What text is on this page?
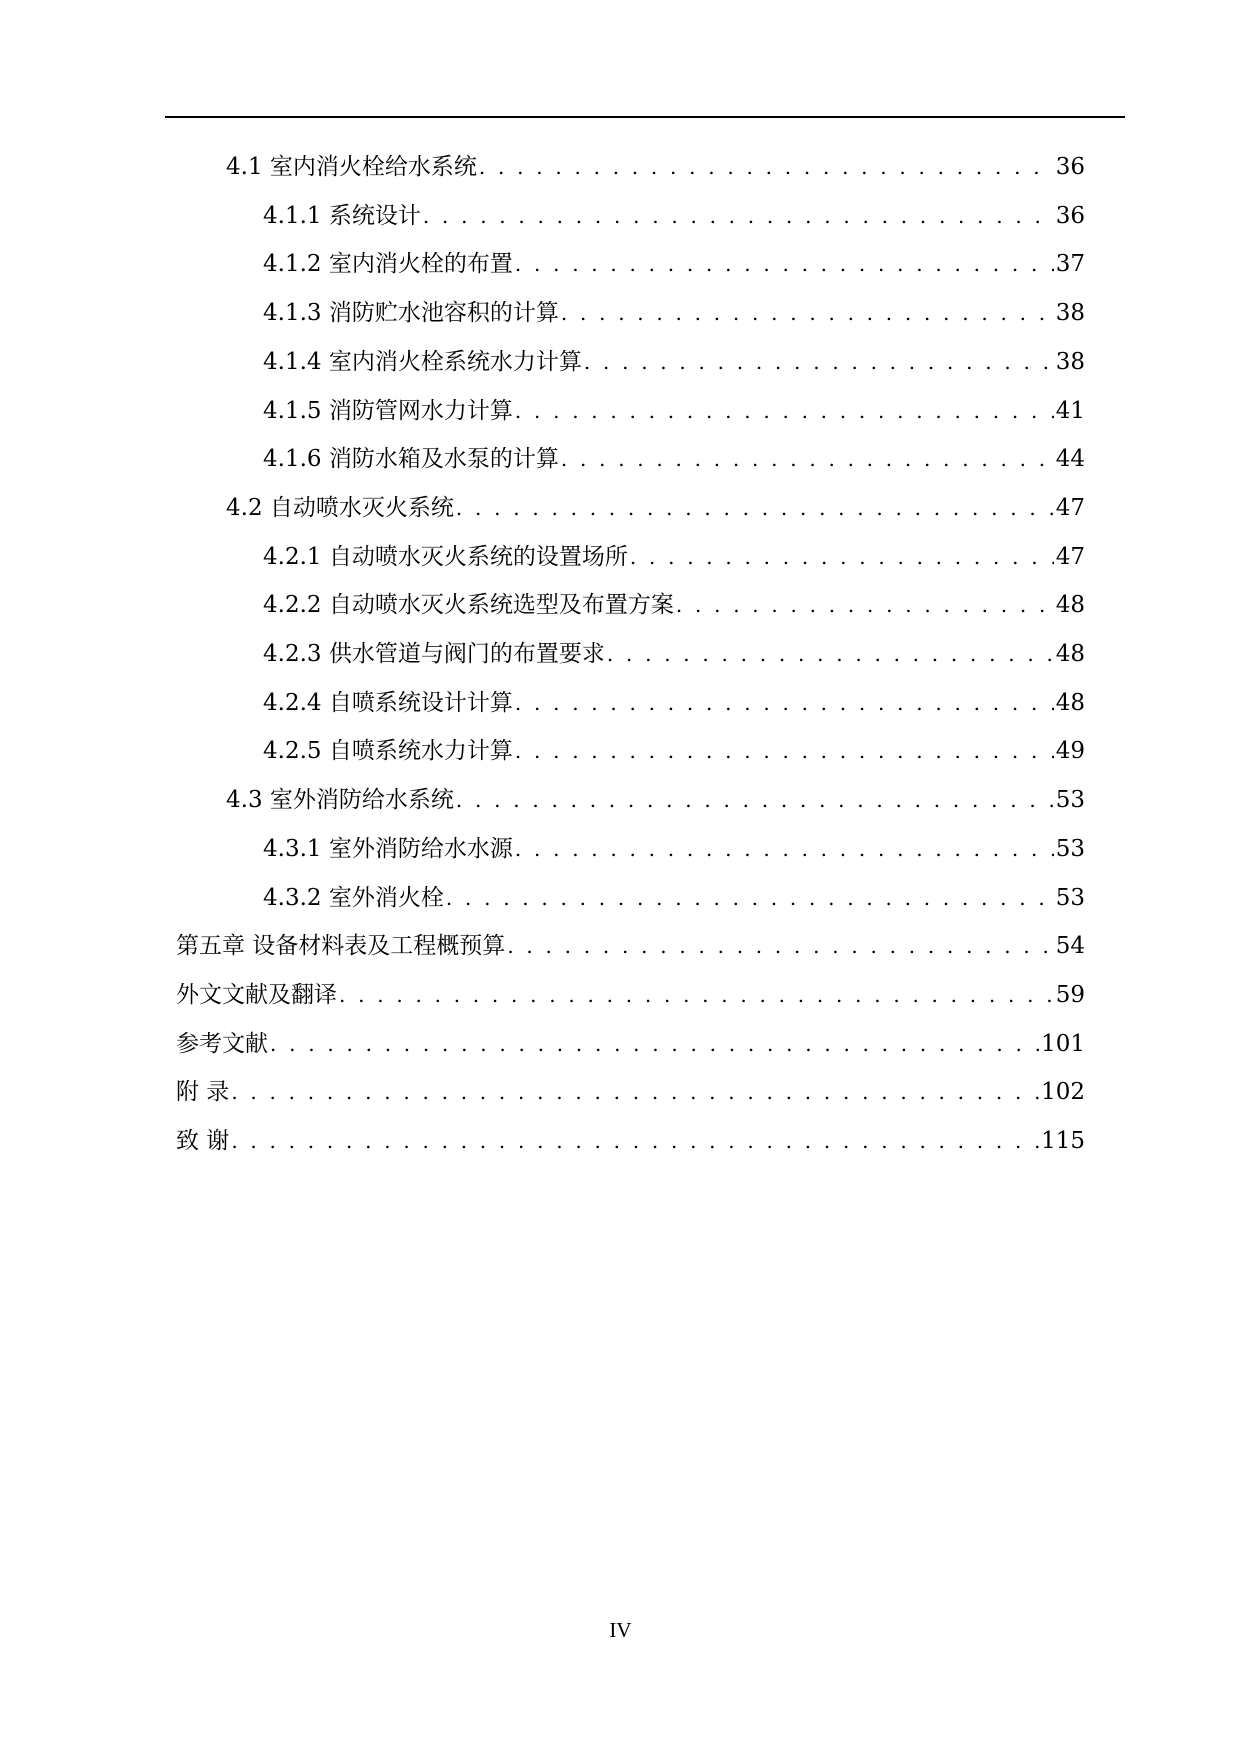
4.1 室内消火栓给水系统 . . .	36
4.1.1 系统设计 . . .	36
4.1.2 室内消火栓的布置 . . .	37
4.1.3 消防贮水池容积的计算 . . .	38
4.1.4 室内消火栓系统水力计算 . . .	38
4.1.5 消防管网水力计算 . . .	41
4.1.6 消防水箱及水泵的计算 . . .	44
4.2 自动喷水灭火系统 . . .	47
4.2.1 自动喷水灭火系统的设置场所 . . .	47
4.2.2 自动喷水灭火系统选型及布置方案 . . .	48
4.2.3 供水管道与阀门的布置要求 . . .	48
4.2.4 自喷系统设计计算 . . .	48
4.2.5 自喷系统水力计算 . . .	49
4.3 室外消防给水系统 . . .	53
4.3.1 室外消防给水水源 . . .	53
4.3.2 室外消火栓 . . .	53
第五章 设备材料表及工程概预算 . . .	54
外文文献及翻译 . . .	59
参考文献 . . .	101
附 录 . . .	102
致 谢 . . .	115
IV
